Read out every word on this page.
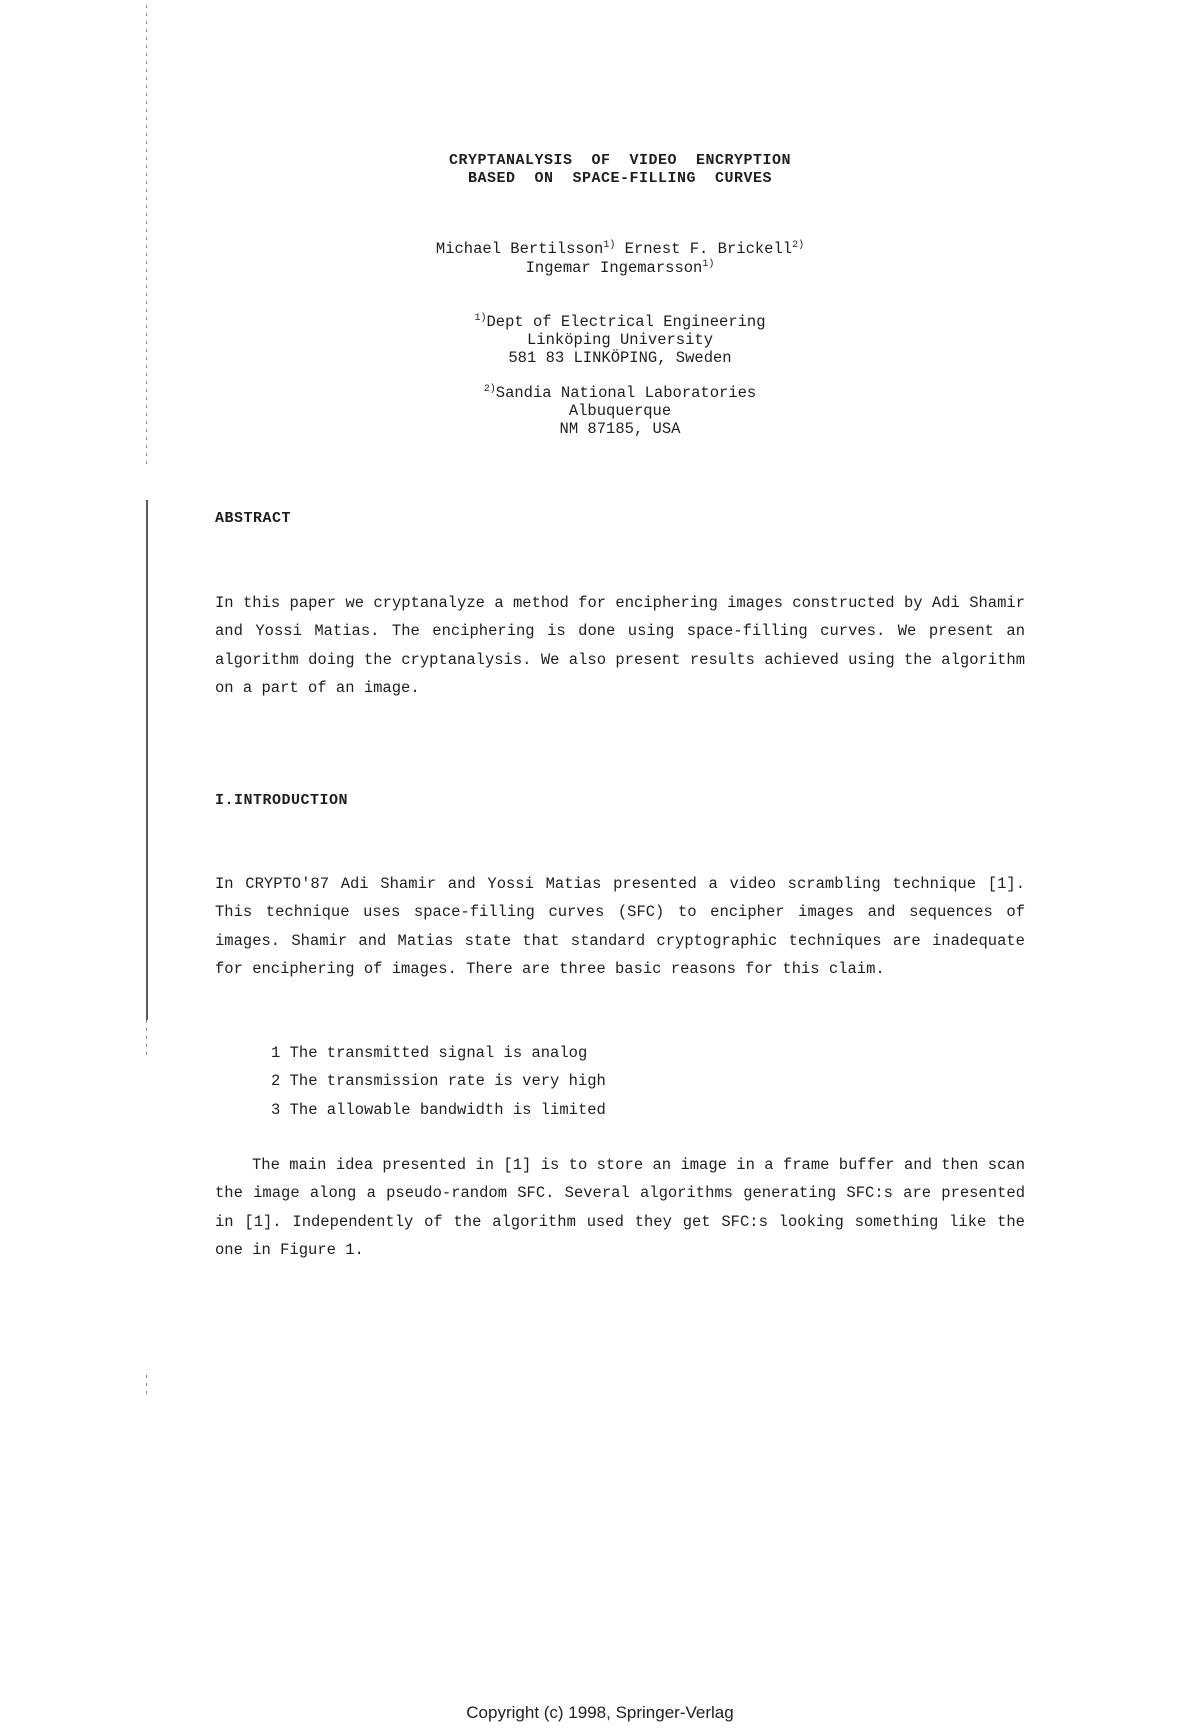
CRYPTANALYSIS  OF  VIDEO  ENCRYPTION
BASED  ON  SPACE-FILLING  CURVES
Michael Bertilsson$^{1)}$ Ernest F. Brickell$^{2)}$
Ingemar Ingemarsson$^{1)}$
$^{1)}$Dept of Electrical Engineering
Linköping University
581 83 LINKÖPING, Sweden
$^{2)}$Sandia National Laboratories
Albuquerque
NM 87185, USA
ABSTRACT

In this paper we cryptanalyze a method for enciphering images constructed by Adi Shamir and Yossi Matias. The enciphering is done using space-filling curves. We present an algorithm doing the cryptanalysis. We also present results achieved using the algorithm on a part of an image.

I.INTRODUCTION

In CRYPTO'87 Adi Shamir and Yossi Matias presented a video scrambling technique [1]. This technique uses space-filling curves (SFC) to encipher images and sequences of images. Shamir and Matias state that standard cryptographic techniques are inadequate for enciphering of images. There are three basic reasons for this claim.

1 The transmitted signal is analog
2 The transmission rate is very high
3 The allowable bandwidth is limited

The main idea presented in [1] is to store an image in a frame buffer and then scan the image along a pseudo-random SFC. Several algorithms generating SFC:s are presented in [1]. Independently of the algorithm used they get SFC:s looking something like the one in Figure 1.

Copyright (c) 1998, Springer-Verlag
